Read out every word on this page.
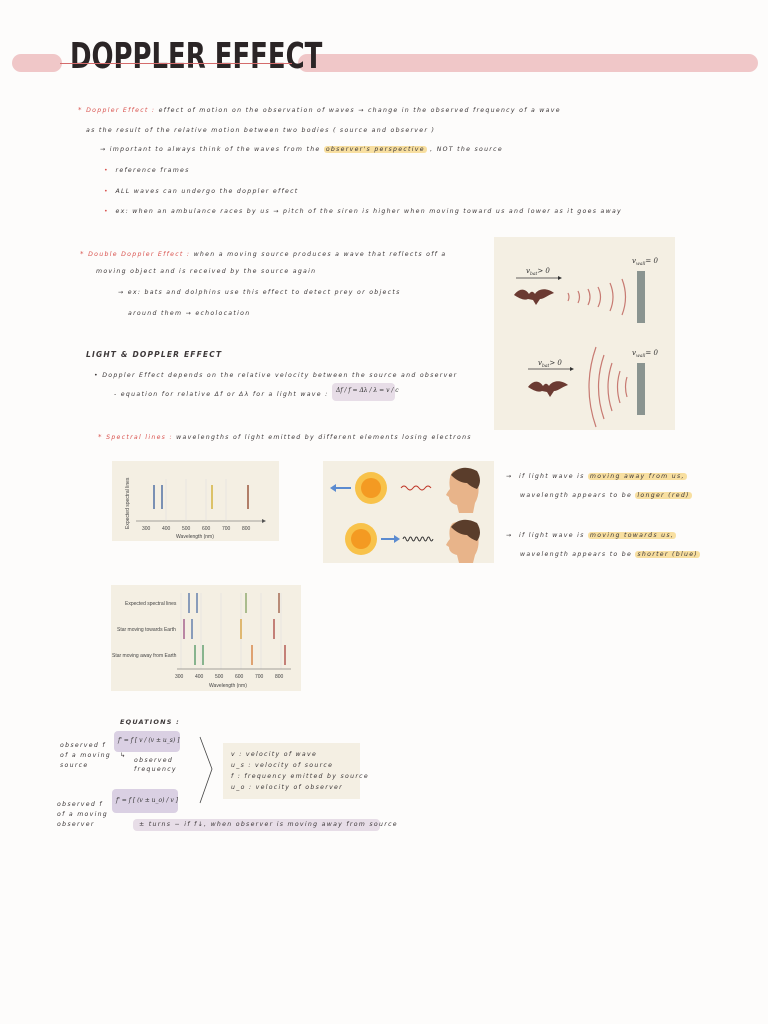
DOPPLER EFFECT
* Doppler Effect : effect of motion on the observation of waves → change in the observed frequency of a wave
as the result of the relative motion between two bodies ( source and observer )
→ important to always think of the waves from the observer's perspective , NOT the source
• reference frames
• ALL waves can undergo the doppler effect
• ex: when an ambulance races by us → pitch of the siren is higher when moving toward us and lower as it goes away
* Double Doppler Effect : when a moving source produces a wave that reflects off a
moving object and is received by the source again
→ ex: bats and dolphins use this effect to detect prey or objects
around them → echolocation
$v_{bat}> 0$
$v_{wall}= 0$
$v_{bat}> 0$
$v_{wall}= 0$
LIGHT & DOPPLER EFFECT
• Doppler Effect depends on the relative velocity between the source and observer
- equation for relative Δf or Δλ for a light wave :
Δf / f = Δλ / λ = v / c
* Spectral lines : wavelengths of light emitted by different elements losing electrons
Expected spectral lines 300 400 500 600 700 800
Wavelength (nm)
→  if light wave is moving away from us,
wavelength appears to be longer (red)
→  if light wave is moving towards us,
wavelength appears to be shorter (blue)
Expected spectral lines
Star moving towards Earth
Star moving away from Earth
300 400 500 600 700 800
Wavelength (nm)
EQUATIONS :
observed f
of a moving
source
f' = f [ v / (v ± u_s) ]
↳
observed
frequency
observed f
of a moving
observer
f' = f [ (v ± u_o) / v ]
v : velocity of wave
u_s : velocity of source
f : frequency emitted by source
u_o : velocity of observer
± turns − if f↓, when observer is moving away from source
